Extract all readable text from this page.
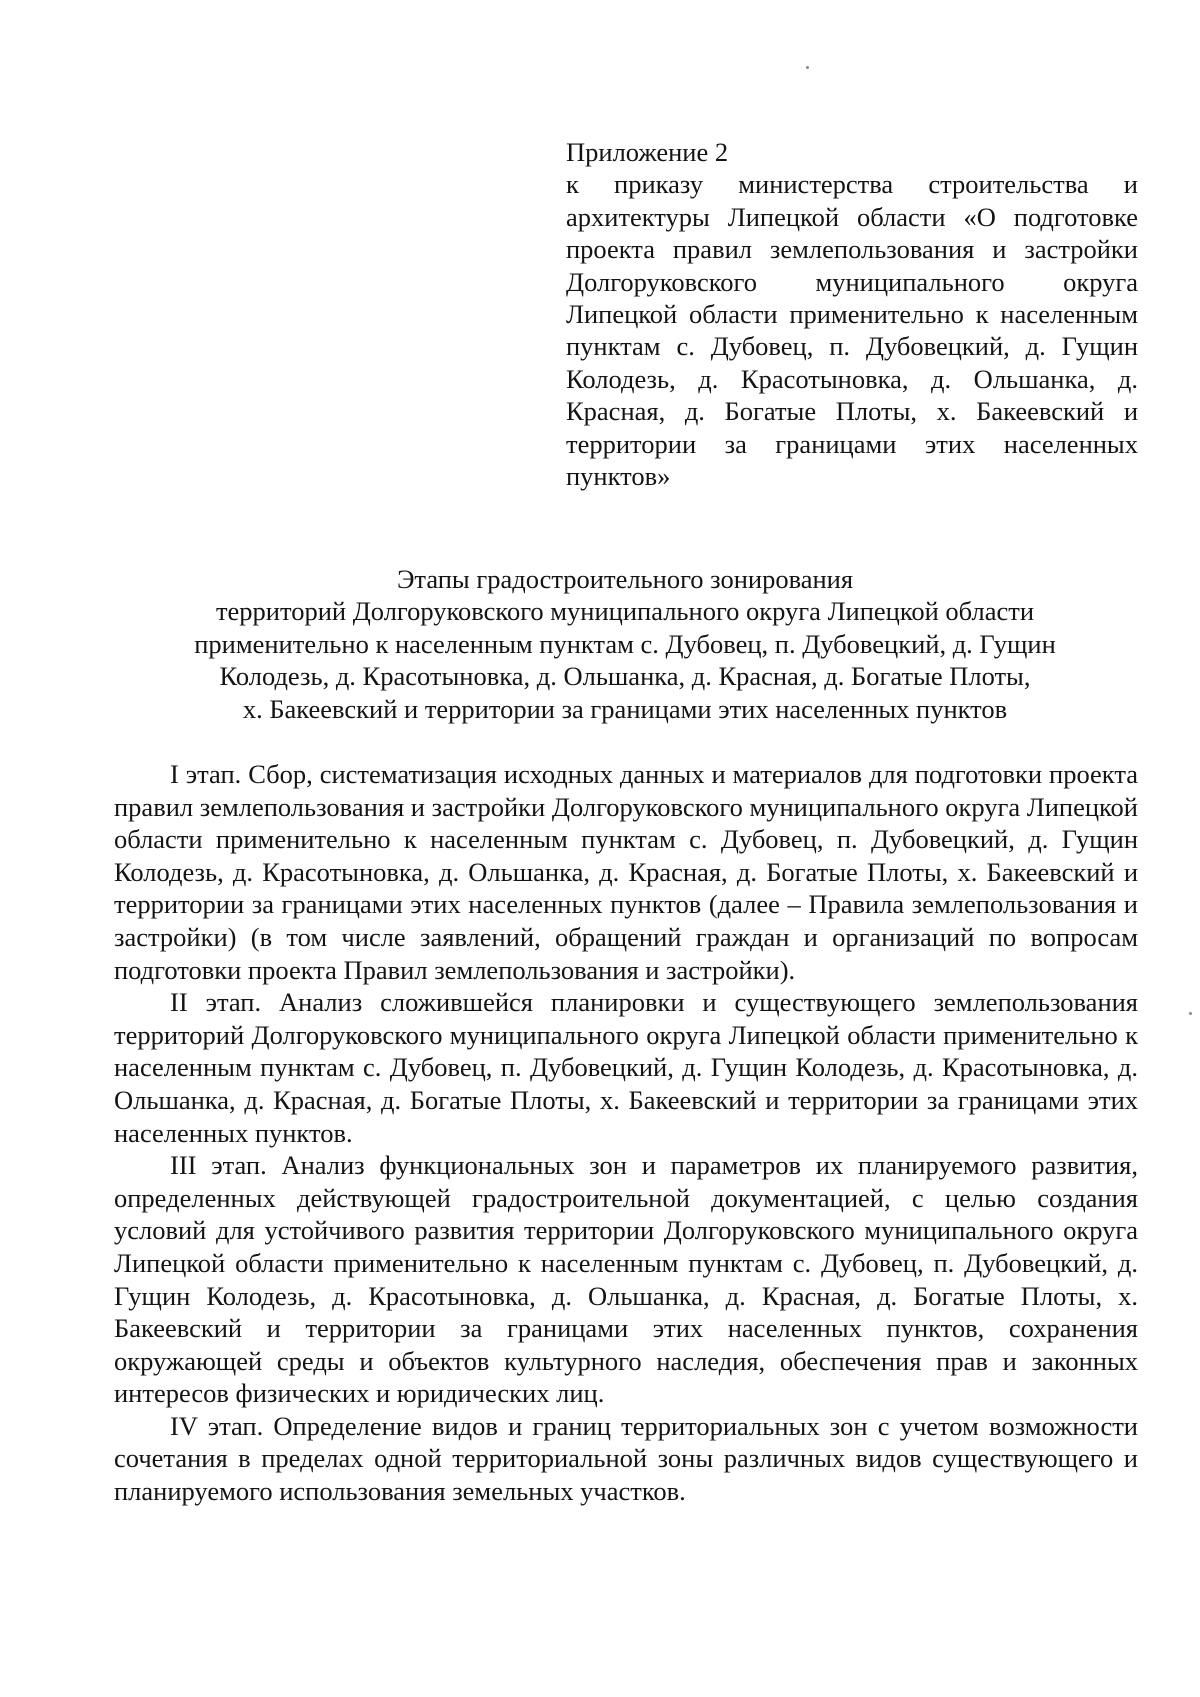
Приложение 2
к приказу министерства строительства и архитектуры Липецкой области «О подготовке проекта правил землепользования и застройки Долгоруковского муниципального округа Липецкой области применительно к населенным пунктам с. Дубовец, п. Дубовецкий, д. Гущин Колодезь, д. Красотыновка, д. Ольшанка, д. Красная, д. Богатые Плоты, х. Бакеевский и территории за границами этих населенных пунктов»
Этапы градостроительного зонирования
территорий Долгоруковского муниципального округа Липецкой области
применительно к населенным пунктам с. Дубовец, п. Дубовецкий, д. Гущин
Колодезь, д. Красотыновка, д. Ольшанка, д. Красная, д. Богатые Плоты,
х. Бакеевский и территории за границами этих населенных пунктов

I этап. Сбор, систематизация исходных данных и материалов для подготовки проекта правил землепользования и застройки Долгоруковского муниципального округа Липецкой области применительно к населенным пунктам с. Дубовец, п. Дубовецкий, д. Гущин Колодезь, д. Красотыновка, д. Ольшанка, д. Красная, д. Богатые Плоты, х. Бакеевский и территории за границами этих населенных пунктов (далее – Правила землепользования и застройки) (в том числе заявлений, обращений граждан и организаций по вопросам подготовки проекта Правил землепользования и застройки).

II этап. Анализ сложившейся планировки и существующего землепользования территорий Долгоруковского муниципального округа Липецкой области применительно к населенным пунктам с. Дубовец, п. Дубовецкий, д. Гущин Колодезь, д. Красотыновка, д. Ольшанка, д. Красная, д. Богатые Плоты, х. Бакеевский и территории за границами этих населенных пунктов.

III этап. Анализ функциональных зон и параметров их планируемого развития, определенных действующей градостроительной документацией, с целью создания условий для устойчивого развития территории Долгоруковского муниципального округа Липецкой области применительно к населенным пунктам с. Дубовец, п. Дубовецкий, д. Гущин Колодезь, д. Красотыновка, д. Ольшанка, д. Красная, д. Богатые Плоты, х. Бакеевский и территории за границами этих населенных пунктов, сохранения окружающей среды и объектов культурного наследия, обеспечения прав и законных интересов физических и юридических лиц.

IV этап. Определение видов и границ территориальных зон с учетом возможности сочетания в пределах одной территориальной зоны различных видов существующего и планируемого использования земельных участков.
